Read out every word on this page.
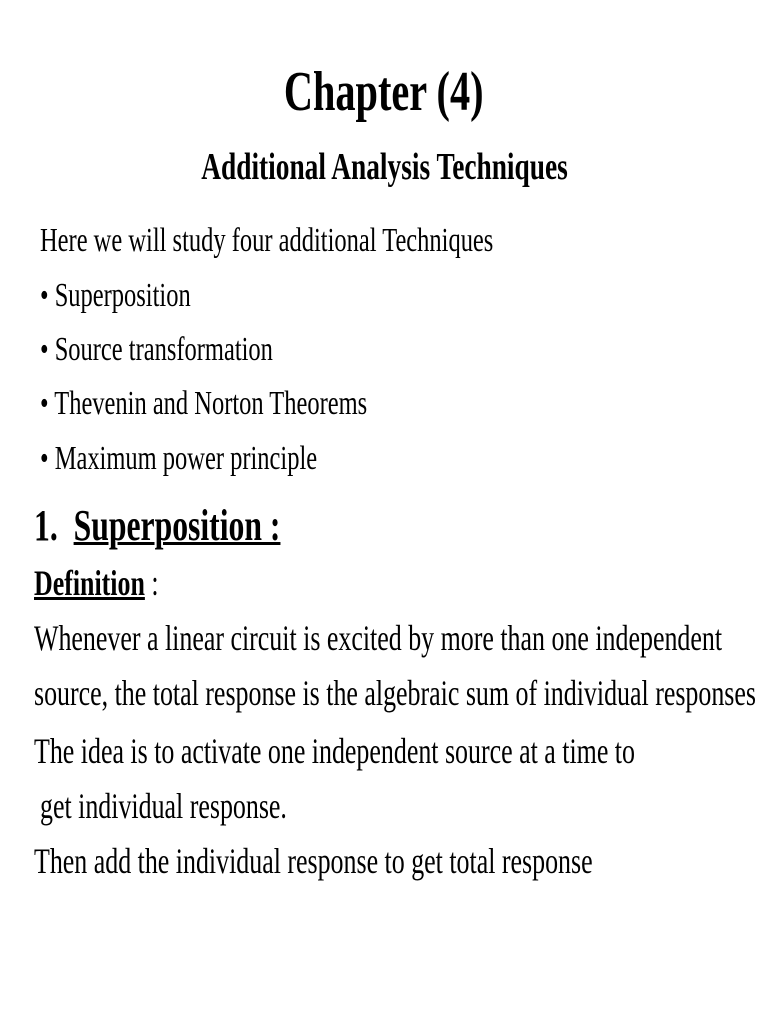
Chapter (4)
Additional Analysis Techniques
Here we will study four additional Techniques
• Superposition
• Source transformation
• Thevenin and Norton Theorems
• Maximum power principle
1. Superposition :
Definition :
Whenever a linear circuit is excited by more than one independent
source, the total response is the algebraic sum of individual responses
The idea is to activate one independent source at a time to
get individual response.
Then add the individual response to get total response
